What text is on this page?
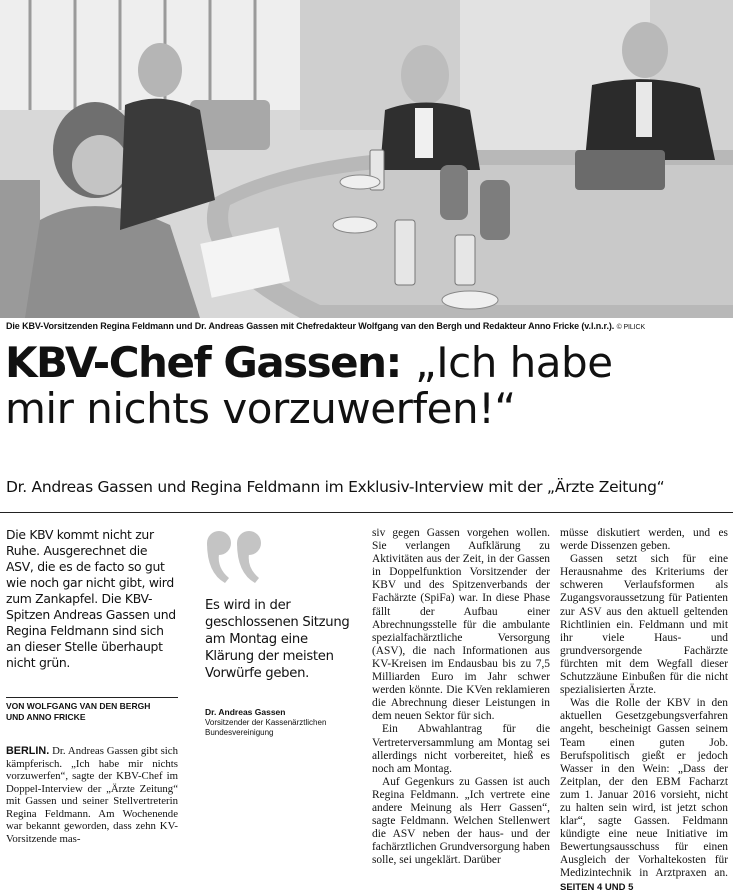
Die KBV-Vorsitzenden Regina Feldmann und Dr. Andreas Gassen mit Chefredakteur Wolfgang van den Bergh und Redakteur Anno Fricke (v.l.n.r.). © PILICK
KBV-Chef Gassen: „Ich habe
mir nichts vorzuwerfen!“
Dr. Andreas Gassen und Regina Feldmann im Exklusiv-Interview mit der „Ärzte Zeitung“
Die KBV kommt nicht zur Ruhe. Ausgerechnet die ASV, die es de facto so gut wie noch gar nicht gibt, wird zum Zankapfel. Die KBV-Spitzen Andreas Gassen und Regina Feldmann sind sich an dieser Stelle überhaupt nicht grün.
VON WOLFGANG VAN DEN BERGH
UND ANNO FRICKE
BERLIN. Dr. Andreas Gassen gibt sich kämpferisch. „Ich habe mir nichts vorzuwerfen“, sagte der KBV-Chef im Doppel-Interview der „Ärzte Zeitung“ mit Gassen und seiner Stellvertreterin Regina Feldmann. Am Wochenende war bekannt geworden, dass zehn KV-Vorsitzende mas-
Es wird in der geschlossenen Sitzung am Montag eine Klärung der meisten Vorwürfe geben.
Dr. Andreas Gassen
Vorsitzender der Kassenärztlichen Bundesvereinigung

siv gegen Gassen vorgehen wollen. Sie verlangen Aufklärung zu Aktivitäten aus der Zeit, in der Gassen in Doppelfunktion Vorsitzender der KBV und des Spitzenverbands der Fachärzte (SpiFa) war. In diese Phase fällt der Aufbau einer Abrechnungsstelle für die ambulante spezialfachärztliche Versorgung (ASV), die nach Informationen aus KV-Kreisen im Endausbau bis zu 7,5 Milliarden Euro im Jahr schwer werden könnte. Die KVen reklamieren die Abrechnung dieser Leistungen in dem neuen Sektor für sich.

Ein Abwahlantrag für die Vertreterversammlung am Montag sei allerdings nicht vorbereitet, hieß es noch am Montag.

Auf Gegenkurs zu Gassen ist auch Regina Feldmann. „Ich vertrete eine andere Meinung als Herr Gassen“, sagte Feldmann. Welchen Stellenwert die ASV neben der haus- und der fachärztlichen Grundversorgung haben solle, sei ungeklärt. Darüber

müsse diskutiert werden, und es werde Dissenzen geben.

Gassen setzt sich für eine Herausnahme des Kriteriums der schweren Verlaufsformen als Zugangsvoraussetzung für Patienten zur ASV aus den aktuell geltenden Richtlinien ein. Feldmann und mit ihr viele Haus- und grundversorgende Fachärzte fürchten mit dem Wegfall dieser Schutzzäune Einbußen für die nicht spezialisierten Ärzte.

Was die Rolle der KBV in den aktuellen Gesetzgebungsverfahren angeht, bescheinigt Gassen seinem Team einen guten Job. Berufspolitisch gießt er jedoch Wasser in den Wein: „Dass der Zeitplan, der den EBM Facharzt zum 1. Januar 2016 vorsieht, nicht zu halten sein wird, ist jetzt schon klar“, sagte Gassen. Feldmann kündigte eine neue Initiative im Bewertungsausschuss für einen Ausgleich der Vorhaltekosten für Medizintechnik in Arztpraxen an. SEITEN 4 UND 5
